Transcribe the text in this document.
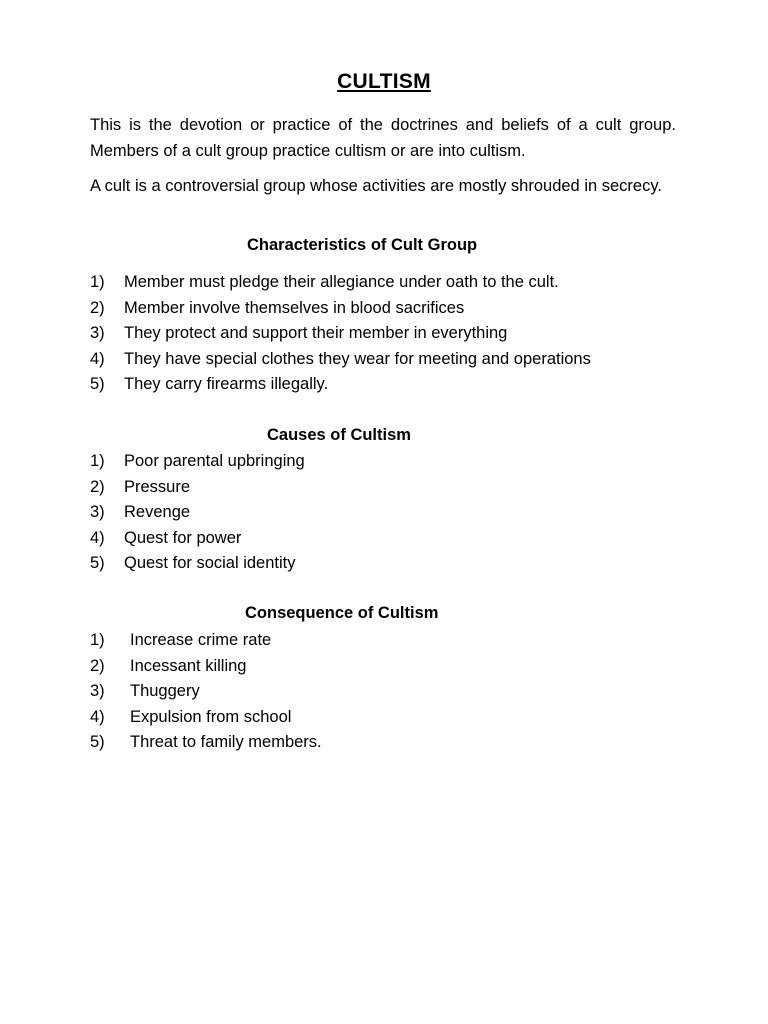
CULTISM

This is the devotion or practice of the doctrines and beliefs of a cult group. Members of a cult group practice cultism or are into cultism.

A cult is a controversial group whose activities are mostly shrouded in secrecy.

Characteristics of Cult Group
1) Member must pledge their allegiance under oath to the cult.
2) Member involve themselves in blood sacrifices
3) They protect and support their member in everything
4) They have special clothes they wear for meeting and operations
5) They carry firearms illegally.
Causes of Cultism
1) Poor parental upbringing
2) Pressure
3) Revenge
4) Quest for power
5) Quest for social identity
Consequence of Cultism
1) Increase crime rate
2) Incessant killing
3) Thuggery
4) Expulsion from school
5) Threat to family members.
